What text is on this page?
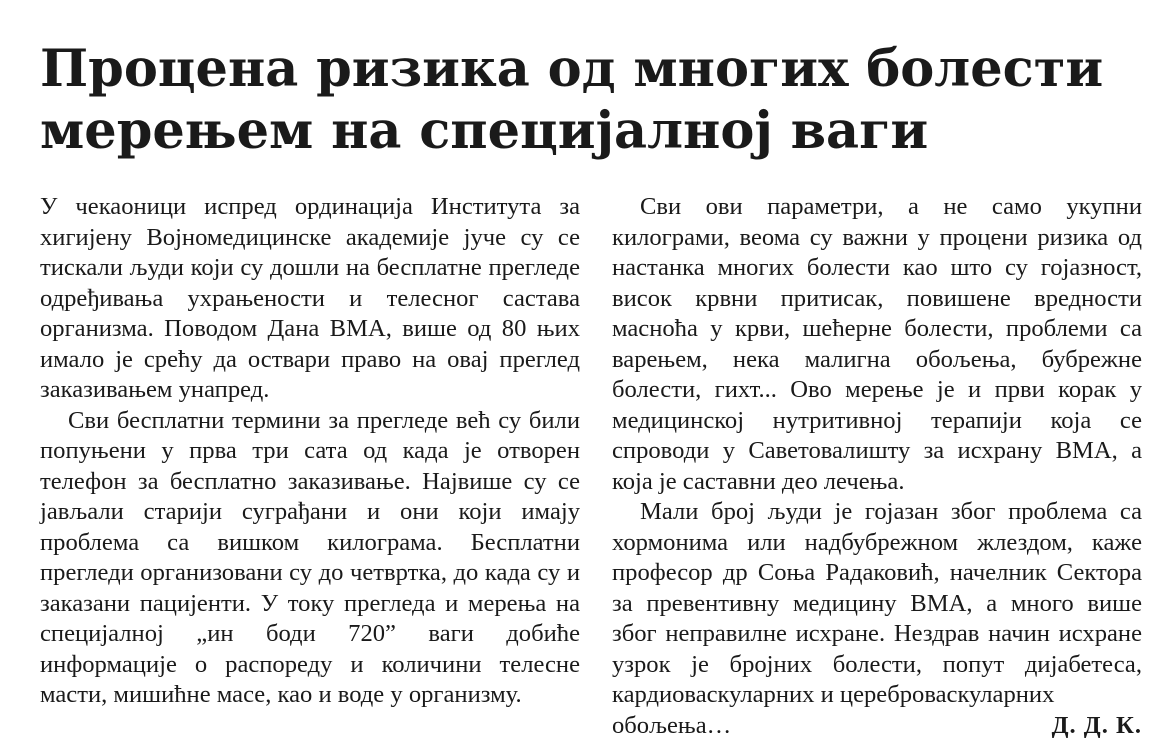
Процена ризика од многих болести
мерењем на специјалној ваги

У чекаоници испред ординација Института за хигијену Војномедицинске академије јуче су се тискали људи који су дошли на бесплатне прегледе одређивања ухрањености и телесног састава организма. Поводом Дана ВМА, више од 80 њих имало је срећу да оствари право на овај преглед заказивањем унапред.

Сви бесплатни термини за прегледе већ су били попуњени у прва три сата од када је отворен телефон за бесплатно заказивање. Највише су се јављали старији суграђани и они који имају проблема са вишком килограма. Бесплатни прегледи организовани су до четвртка, до када су и заказани пацијенти. У току прегледа и мерења на специјалној „ин боди 720” ваги добиће информације о распореду и количини телесне масти, мишићне масе, као и воде у организму.

Сви ови параметри, а не само укупни килограми, веома су важни у процени ризика од настанка многих болести као што су гојазност, висок крвни притисак, повишене вредности масноћа у крви, шећерне болести, проблеми са варењем, нека малигна обољења, бубрежне болести, гихт... Ово мерење је и први корак у медицинској нутритивној терапији која се спроводи у Саветовалишту за исхрану ВМА, а која је саставни део лечења.

Мали број људи је гојазан због проблема са хормонима или надбубрежном жлездом, каже професор др Соња Радаковић, начелник Сектора за превентивну медицину ВМА, а много више због неправилне исхране. Нездрав начин исхране узрок је бројних болести, попут дијабетеса, кардиоваскуларних и цереброваскуларних

обољења…	Д. Д. К.
